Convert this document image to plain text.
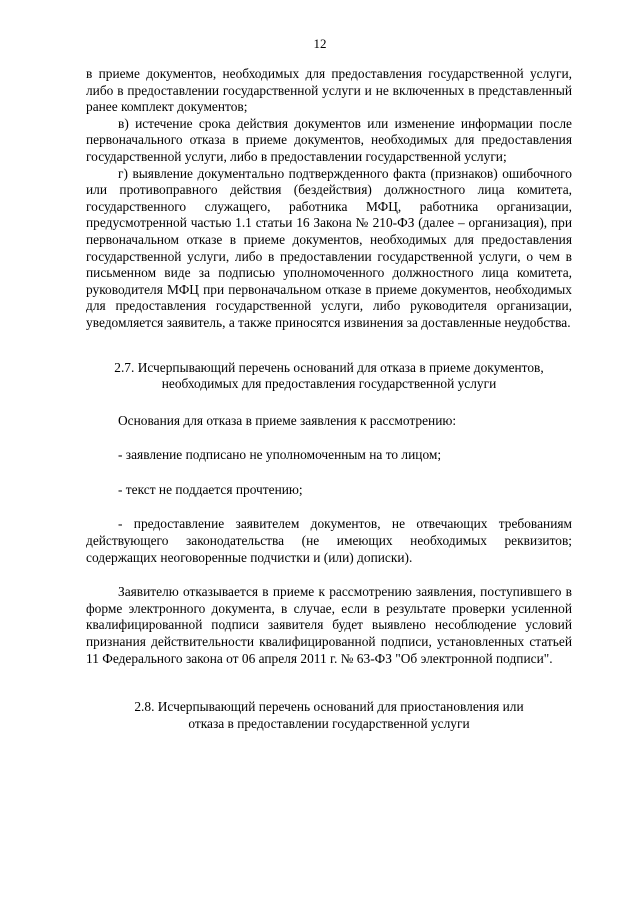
12

в приеме документов, необходимых для предоставления государственной услуги, либо в предоставлении государственной услуги и не включенных в представленный ранее комплект документов;

в) истечение срока действия документов или изменение информации после первоначального отказа в приеме документов, необходимых для предоставления государственной услуги, либо в предоставлении государственной услуги;

г) выявление документально подтвержденного факта (признаков) ошибочного или противоправного действия (бездействия) должностного лица комитета, государственного служащего, работника МФЦ, работника организации, предусмотренной частью 1.1 статьи 16 Закона № 210-ФЗ (далее – организация), при первоначальном отказе в приеме документов, необходимых для предоставления государственной услуги, либо в предоставлении государственной услуги, о чем в письменном виде за подписью уполномоченного должностного лица комитета, руководителя МФЦ при первоначальном отказе в приеме документов, необходимых для предоставления государственной услуги, либо руководителя организации, уведомляется заявитель, а также приносятся извинения за доставленные неудобства.

2.7. Исчерпывающий перечень оснований для отказа в приеме документов, необходимых для предоставления государственной услуги

Основания для отказа в приеме заявления к рассмотрению:

- заявление подписано не уполномоченным на то лицом;

- текст не поддается прочтению;

- предоставление заявителем документов, не отвечающих требованиям действующего законодательства (не имеющих необходимых реквизитов; содержащих неоговоренные подчистки и (или) дописки).

Заявителю отказывается в приеме к рассмотрению заявления, поступившего в форме электронного документа, в случае, если в результате проверки усиленной квалифицированной подписи заявителя будет выявлено несоблюдение условий признания действительности квалифицированной подписи, установленных статьей 11 Федерального закона от 06 апреля 2011 г. № 63-ФЗ "Об электронной подписи".

2.8. Исчерпывающий перечень оснований для приостановления или отказа в предоставлении государственной услуги
